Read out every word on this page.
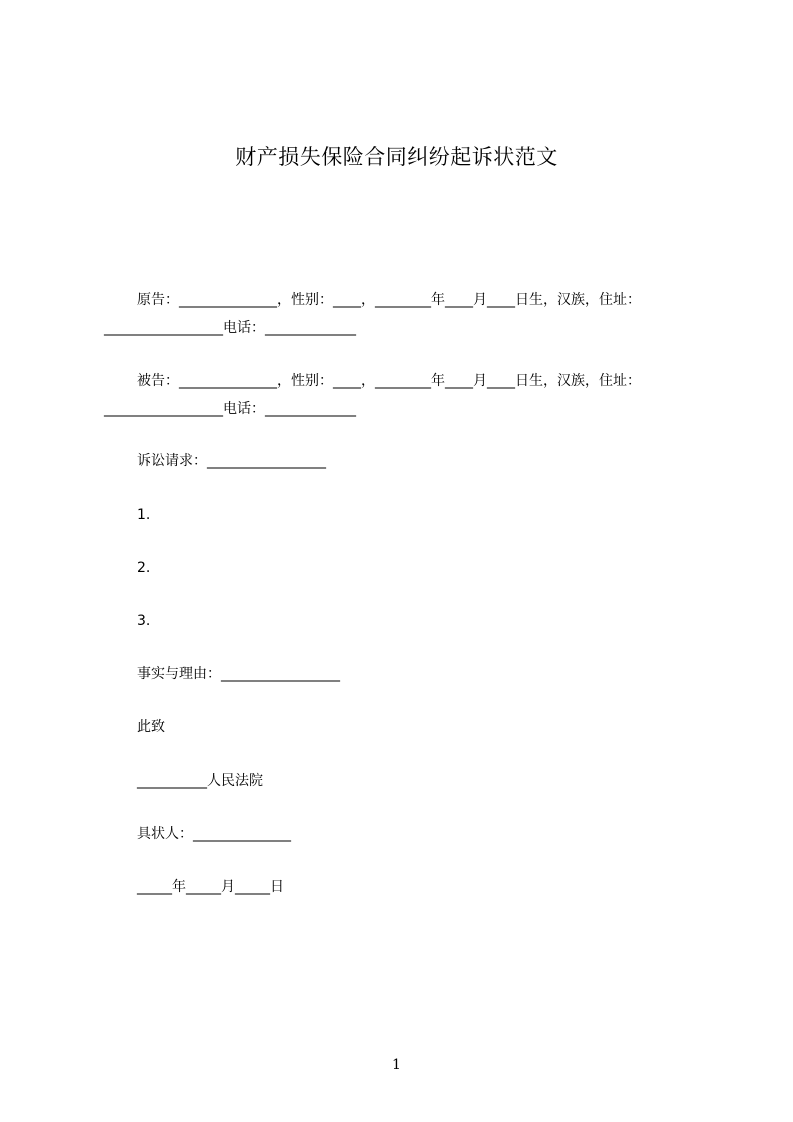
财产损失保险合同纠纷起诉状范文
原告：______________，性别：____，________年____月____日生，汉族，住址：
_________________电话：_____________
被告：______________，性别：____，________年____月____日生，汉族，住址：
_________________电话：_____________
诉讼请求：_________________
1.
2.
3.
事实与理由：_________________
此致
__________人民法院
具状人：______________
_____年_____月_____日
1
